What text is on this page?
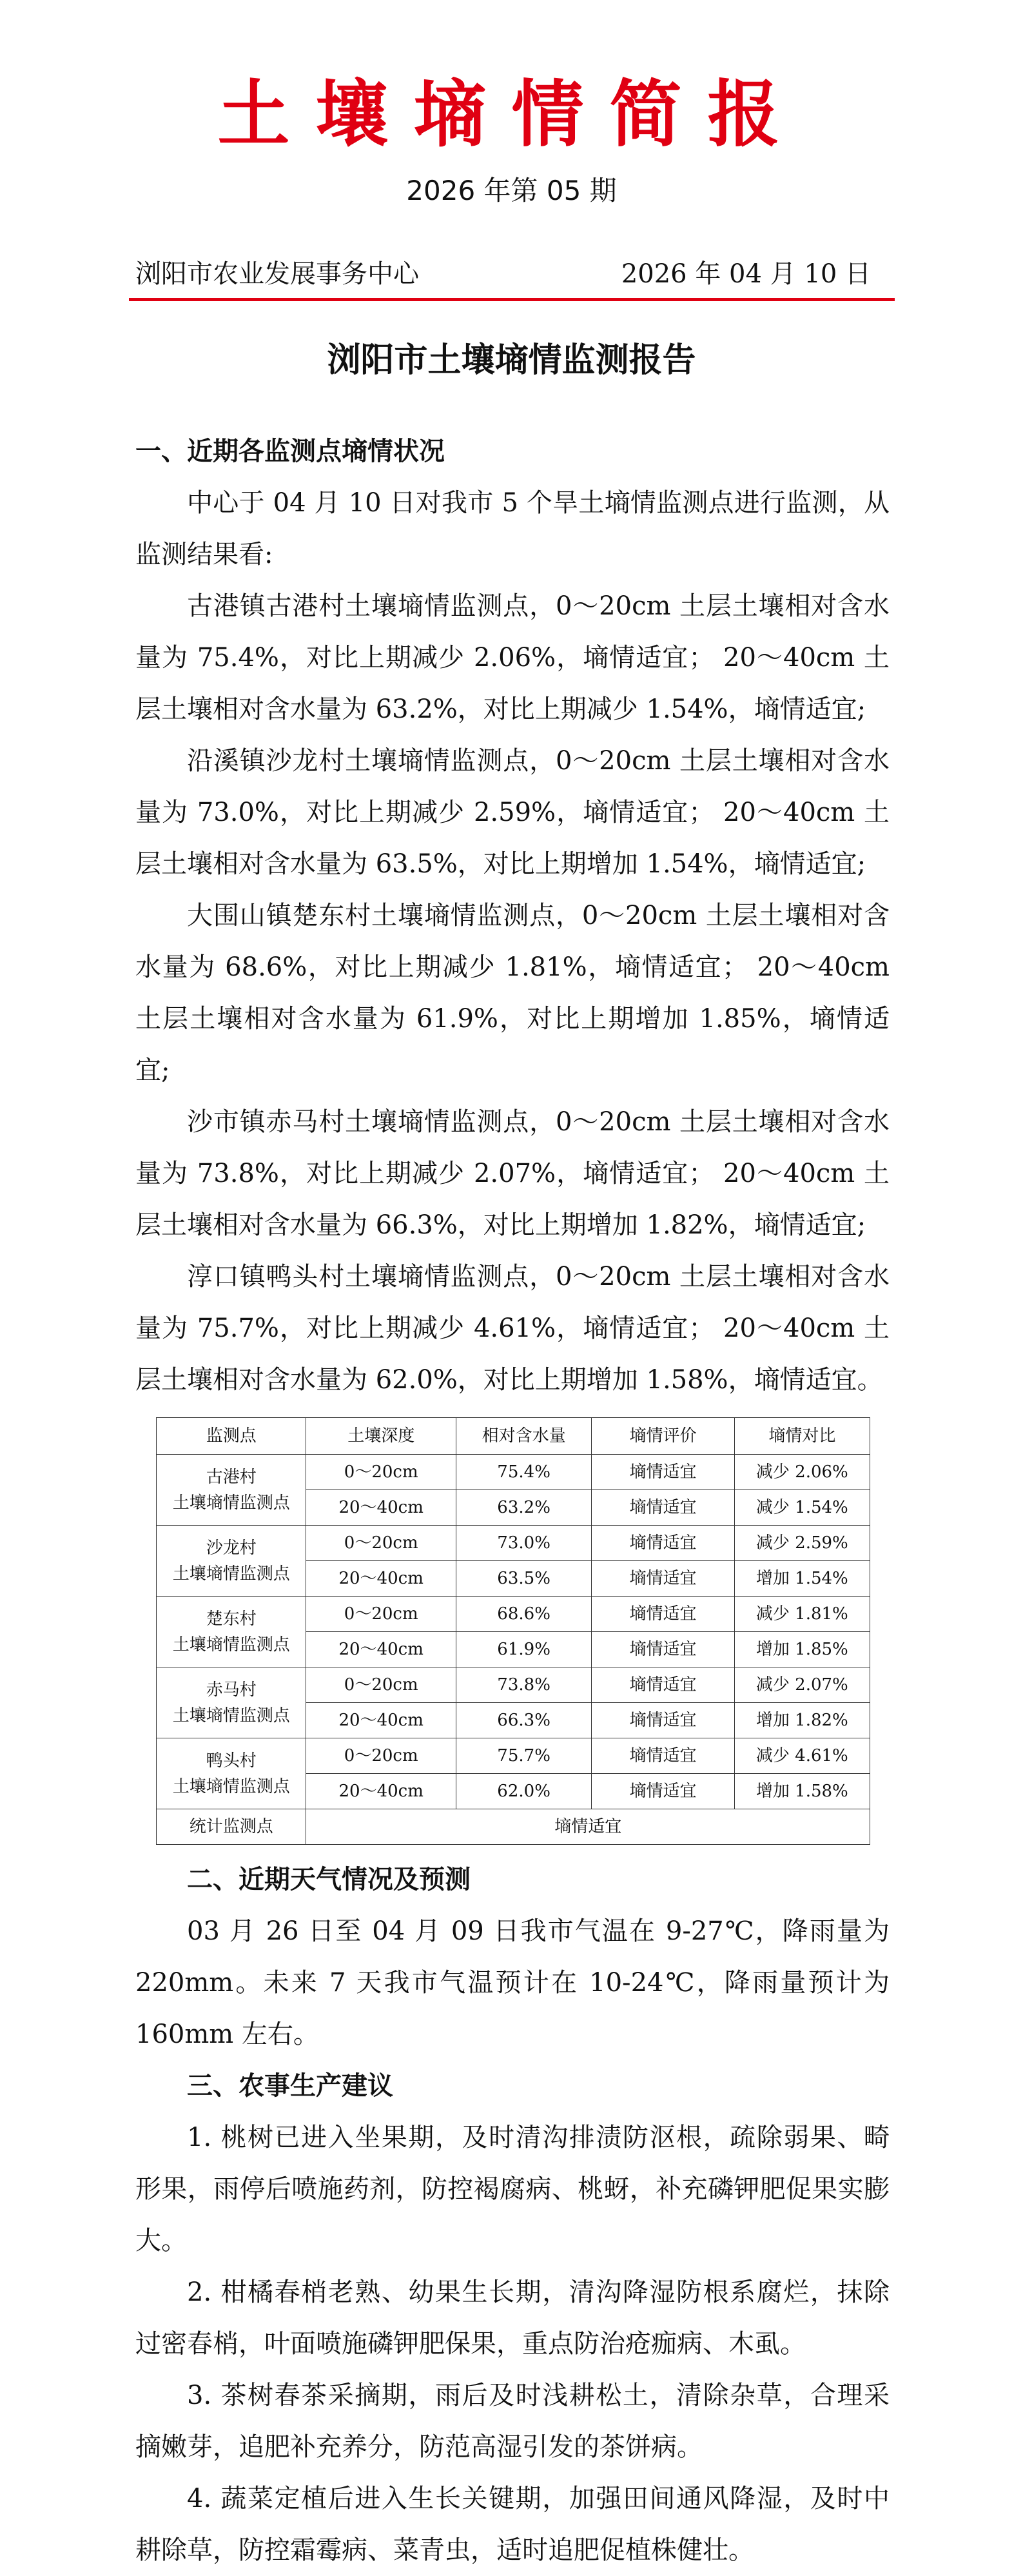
土壤墒情简报
2026 年第 05 期
浏阳市农业发展事务中心	2026 年 04 月 10 日
浏阳市土壤墒情监测报告
一、近期各监测点墒情状况

中心于 04 月 10 日对我市 5 个旱土墒情监测点进行监测，从监测结果看:

古港镇古港村土壤墒情监测点，0～20cm 土层土壤相对含水量为 75.4%，对比上期减少 2.06%，墒情适宜； 20～40cm 土层土壤相对含水量为 63.2%，对比上期减少 1.54%，墒情适宜;

沿溪镇沙龙村土壤墒情监测点，0～20cm 土层土壤相对含水量为 73.0%，对比上期减少 2.59%，墒情适宜； 20～40cm 土层土壤相对含水量为 63.5%，对比上期增加 1.54%，墒情适宜;

大围山镇楚东村土壤墒情监测点，0～20cm 土层土壤相对含水量为 68.6%，对比上期减少 1.81%，墒情适宜； 20～40cm 土层土壤相对含水量为 61.9%，对比上期增加 1.85%，墒情适宜;

沙市镇赤马村土壤墒情监测点，0～20cm 土层土壤相对含水量为 73.8%，对比上期减少 2.07%，墒情适宜； 20～40cm 土层土壤相对含水量为 66.3%，对比上期增加 1.82%，墒情适宜;

淳口镇鸭头村土壤墒情监测点，0～20cm 土层土壤相对含水量为 75.7%，对比上期减少 4.61%，墒情适宜； 20～40cm 土层土壤相对含水量为 62.0%，对比上期增加 1.58%，墒情适宜。

监测点	土壤深度	相对含水量	墒情评价	墒情对比
古港村
土壤墒情监测点	0～20cm	75.4%	墒情适宜	减少 2.06%
	20～40cm	63.2%	墒情适宜	减少 1.54%
沙龙村
土壤墒情监测点	0～20cm	73.0%	墒情适宜	减少 2.59%
	20～40cm	63.5%	墒情适宜	增加 1.54%
楚东村
土壤墒情监测点	0～20cm	68.6%	墒情适宜	减少 1.81%
	20～40cm	61.9%	墒情适宜	增加 1.85%
赤马村
土壤墒情监测点	0～20cm	73.8%	墒情适宜	减少 2.07%
	20～40cm	66.3%	墒情适宜	增加 1.82%
鸭头村
土壤墒情监测点	0～20cm	75.7%	墒情适宜	减少 4.61%
	20～40cm	62.0%	墒情适宜	增加 1.58%
统计监测点	墒情适宜			
二、近期天气情况及预测

03 月 26 日至 04 月 09 日我市气温在 9-27℃，降雨量为 220mm。未来 7 天我市气温预计在 10-24℃，降雨量预计为 160mm 左右。

三、农事生产建议

1. 桃树已进入坐果期，及时清沟排渍防沤根，疏除弱果、畸形果，雨停后喷施药剂，防控褐腐病、桃蚜，补充磷钾肥促果实膨大。

2. 柑橘春梢老熟、幼果生长期，清沟降湿防根系腐烂，抹除过密春梢，叶面喷施磷钾肥保果，重点防治疮痂病、木虱。

3. 茶树春茶采摘期，雨后及时浅耕松土，清除杂草，合理采摘嫩芽，追肥补充养分，防范高湿引发的茶饼病。

4. 蔬菜定植后进入生长关键期，加强田间通风降湿，及时中耕除草，防控霜霉病、菜青虫，适时追肥促植株健壮。
